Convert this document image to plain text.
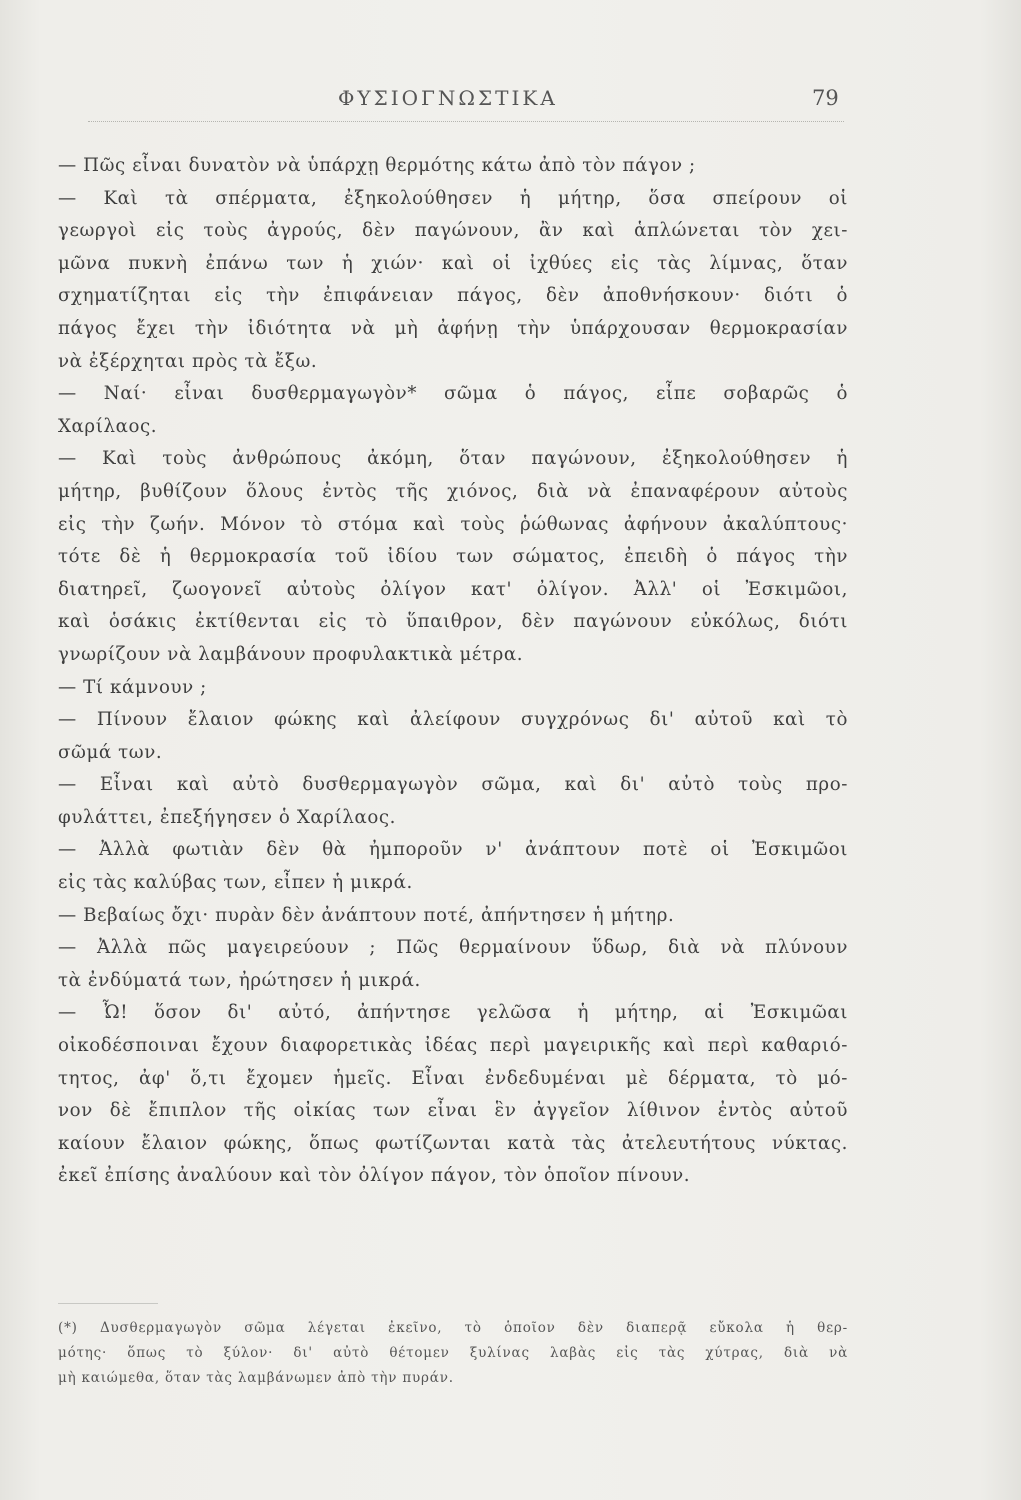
ΦΥΣΙΟΓΝΩΣΤΙΚΑ	79
— Πῶς εἶναι δυνατὸν νὰ ὑπάρχῃ θερμότης κάτω ἀπὸ τὸν πάγον ;
— Καὶ τὰ σπέρματα, ἐξηκολούθησεν ἡ μήτηρ, ὅσα σπείρουν οἱ
γεωργοὶ εἰς τοὺς ἀγρούς, δὲν παγώνουν, ἂν καὶ ἁπλώνεται τὸν χει-
μῶνα πυκνὴ ἐπάνω των ἡ χιών· καὶ οἱ ἰχθύες εἰς τὰς λίμνας, ὅταν
σχηματίζηται εἰς τὴν ἐπιφάνειαν πάγος, δὲν ἀποθνήσκουν· διότι ὁ
πάγος ἔχει τὴν ἰδιότητα νὰ μὴ ἀφήνῃ τὴν ὑπάρχουσαν θερμοκρασίαν
νὰ ἐξέρχηται πρὸς τὰ ἔξω.
— Ναί· εἶναι δυσθερμαγωγὸν* σῶμα ὁ πάγος, εἶπε σοβαρῶς ὁ
Χαρίλαος.
— Καὶ τοὺς ἀνθρώπους ἀκόμη, ὅταν παγώνουν, ἐξηκολούθησεν ἡ
μήτηρ, βυθίζουν ὅλους ἐντὸς τῆς χιόνος, διὰ νὰ ἐπαναφέρουν αὐτοὺς
εἰς τὴν ζωήν. Μόνον τὸ στόμα καὶ τοὺς ῥώθωνας ἀφήνουν ἀκαλύπτους·
τότε δὲ ἡ θερμοκρασία τοῦ ἰδίου των σώματος, ἐπειδὴ ὁ πάγος τὴν
διατηρεῖ, ζωογονεῖ αὐτοὺς ὀλίγον κατ' ὀλίγον. Ἀλλ' οἱ Ἐσκιμῶοι,
καὶ ὁσάκις ἐκτίθενται εἰς τὸ ὕπαιθρον, δὲν παγώνουν εὐκόλως, διότι
γνωρίζουν νὰ λαμβάνουν προφυλακτικὰ μέτρα.
— Τί κάμνουν ;
— Πίνουν ἔλαιον φώκης καὶ ἀλείφουν συγχρόνως δι' αὐτοῦ καὶ τὸ
σῶμά των.
— Εἶναι καὶ αὐτὸ δυσθερμαγωγὸν σῶμα, καὶ δι' αὐτὸ τοὺς προ-
φυλάττει, ἐπεξήγησεν ὁ Χαρίλαος.
— Ἀλλὰ φωτιὰν δὲν θὰ ἠμποροῦν ν' ἀνάπτουν ποτὲ οἱ Ἐσκιμῶοι
εἰς τὰς καλύβας των, εἶπεν ἡ μικρά.
— Βεβαίως ὄχι· πυρὰν δὲν ἀνάπτουν ποτέ, ἀπήντησεν ἡ μήτηρ.
— Ἀλλὰ πῶς μαγειρεύουν ; Πῶς θερμαίνουν ὕδωρ, διὰ νὰ πλύνουν
τὰ ἐνδύματά των, ἠρώτησεν ἡ μικρά.
— Ὦ! ὅσον δι' αὐτό, ἀπήντησε γελῶσα ἡ μήτηρ, αἱ Ἐσκιμῶαι
οἰκοδέσποιναι ἔχουν διαφορετικὰς ἰδέας περὶ μαγειρικῆς καὶ περὶ καθαριό-
τητος, ἀφ' ὅ,τι ἔχομεν ἡμεῖς. Εἶναι ἐνδεδυμέναι μὲ δέρματα, τὸ μό-
νον δὲ ἔπιπλον τῆς οἰκίας των εἶναι ἓν ἀγγεῖον λίθινον ἐντὸς αὐτοῦ
καίουν ἔλαιον φώκης, ὅπως φωτίζωνται κατὰ τὰς ἀτελευτήτους νύκτας.
ἐκεῖ ἐπίσης ἀναλύουν καὶ τὸν ὀλίγον πάγον, τὸν ὁποῖον πίνουν.
(*) Δυσθερμαγωγὸν σῶμα λέγεται ἐκεῖνο, τὸ ὁποῖον δὲν διαπερᾷ εὔκολα ἡ θερ-
μότης· ὅπως τὸ ξύλον· δι' αὐτὸ θέτομεν ξυλίνας λαβὰς εἰς τὰς χύτρας, διὰ νὰ
μὴ καιώμεθα, ὅταν τὰς λαμβάνωμεν ἀπὸ τὴν πυράν.
